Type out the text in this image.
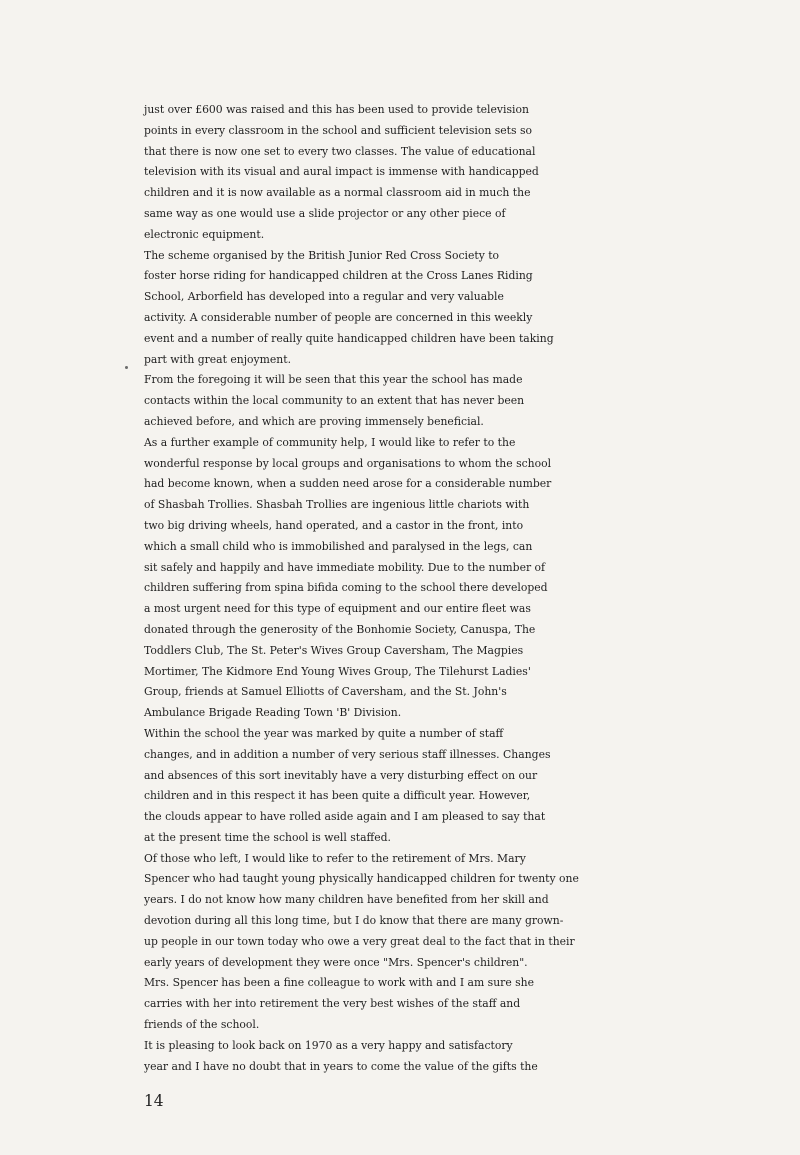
just over £600 was raised and this has been used to provide television
points in every classroom in the school and sufficient television sets so
that there is now one set to every two classes. The value of educational
television with its visual and aural impact is immense with handicapped
children and it is now available as a normal classroom aid in much the
same way as one would use a slide projector or any other piece of
electronic equipment.
The scheme organised by the British Junior Red Cross Society to
foster horse riding for handicapped children at the Cross Lanes Riding
School, Arborfield has developed into a regular and very valuable
activity. A considerable number of people are concerned in this weekly
event and a number of really quite handicapped children have been taking
part with great enjoyment.
From the foregoing it will be seen that this year the school has made
contacts within the local community to an extent that has never been
achieved before, and which are proving immensely beneficial.
As a further example of community help, I would like to refer to the
wonderful response by local groups and organisations to whom the school
had become known, when a sudden need arose for a considerable number
of Shasbah Trollies. Shasbah Trollies are ingenious little chariots with
two big driving wheels, hand operated, and a castor in the front, into
which a small child who is immobilished and paralysed in the legs, can
sit safely and happily and have immediate mobility. Due to the number of
children suffering from spina bifida coming to the school there developed
a most urgent need for this type of equipment and our entire fleet was
donated through the generosity of the Bonhomie Society, Canuspa, The
Toddlers Club, The St. Peter's Wives Group Caversham, The Magpies
Mortimer, The Kidmore End Young Wives Group, The Tilehurst Ladies'
Group, friends at Samuel Elliotts of Caversham, and the St. John's
Ambulance Brigade Reading Town 'B' Division.
Within the school the year was marked by quite a number of staff
changes, and in addition a number of very serious staff illnesses. Changes
and absences of this sort inevitably have a very disturbing effect on our
children and in this respect it has been quite a difficult year. However,
the clouds appear to have rolled aside again and I am pleased to say that
at the present time the school is well staffed.
Of those who left, I would like to refer to the retirement of Mrs. Mary
Spencer who had taught young physically handicapped children for twenty one
years. I do not know how many children have benefited from her skill and
devotion during all this long time, but I do know that there are many grown-
up people in our town today who owe a very great deal to the fact that in their
early years of development they were once "Mrs. Spencer's children".
Mrs. Spencer has been a fine colleague to work with and I am sure she
carries with her into retirement the very best wishes of the staff and
friends of the school.
It is pleasing to look back on 1970 as a very happy and satisfactory
year and I have no doubt that in years to come the value of the gifts the
14
